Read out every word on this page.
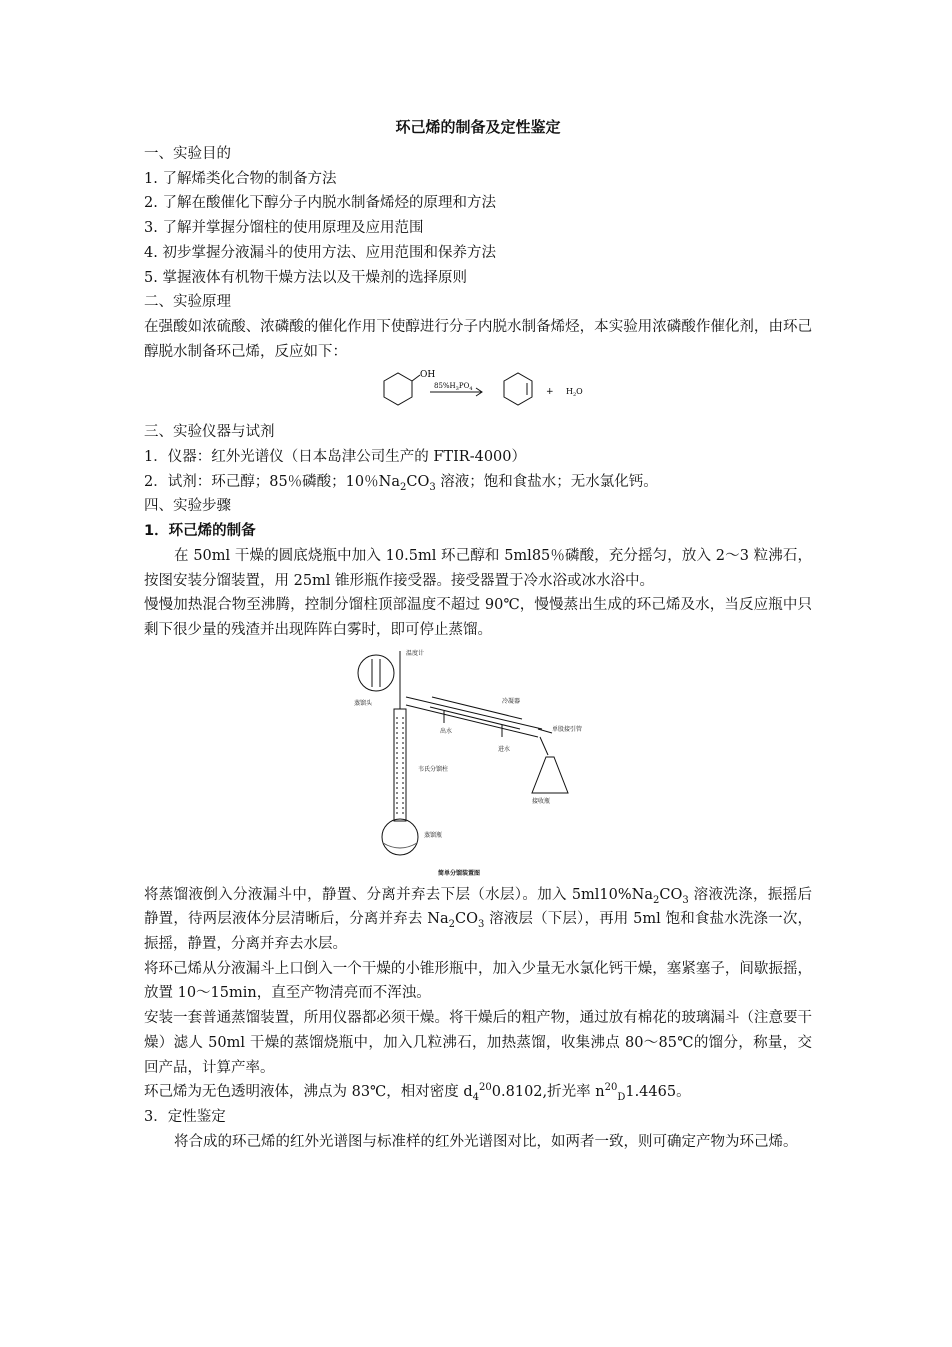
环己烯的制备及定性鉴定

一、实验目的

1. 了解烯类化合物的制备方法

2. 了解在酸催化下醇分子内脱水制备烯烃的原理和方法

3. 了解并掌握分馏柱的使用原理及应用范围

4. 初步掌握分液漏斗的使用方法、应用范围和保养方法

5. 掌握液体有机物干燥方法以及干燥剂的选择原则

二、实验原理

在强酸如浓硫酸、浓磷酸的催化作用下使醇进行分子内脱水制备烯烃，本实验用浓磷酸作催化剂，由环己醇脱水制备环己烯，反应如下：

OH
$85\%H_3PO_4$	+ $H_2O$

三、实验仪器与试剂

1．仪器：红外光谱仪（日本岛津公司生产的 FTIR-4000）

2．试剂：环己醇；85％磷酸；10％$Na_2CO_3$ 溶液；饱和食盐水；无水氯化钙。

四、实验步骤

1．环己烯的制备

在 50ml 干燥的圆底烧瓶中加入 10.5ml 环己醇和 5ml85％磷酸，充分摇匀，放入 2～3 粒沸石，按图安装分馏装置，用 25ml 锥形瓶作接受器。接受器置于冷水浴或冰水浴中。

慢慢加热混合物至沸腾，控制分馏柱顶部温度不超过 90℃，慢慢蒸出生成的环己烯及水，当反应瓶中只剩下很少量的残渣并出现阵阵白雾时，即可停止蒸馏。

温度计
蒸馏头	冷凝器
单股接引管
出水
进水
韦氏分馏柱
接收瓶
蒸馏瓶
简单分馏装置图

将蒸馏液倒入分液漏斗中，静置、分离并弃去下层（水层）。加入 $5ml10\%Na_2CO_3$ 溶液洗涤，振摇后静置，待两层液体分层清晰后，分离并弃去 $Na_2CO_3$ 溶液层（下层），再用 5ml 饱和食盐水洗涤一次，振摇，静置，分离并弃去水层。

将环己烯从分液漏斗上口倒入一个干燥的小锥形瓶中，加入少量无水氯化钙干燥，塞紧塞子，间歇振摇，放置 10～15min，直至产物清亮而不浑浊。

安装一套普通蒸馏装置，所用仪器都必须干燥。将干燥后的粗产物，通过放有棉花的玻璃漏斗（注意要干燥）滤人 50ml 干燥的蒸馏烧瓶中，加入几粒沸石，加热蒸馏，收集沸点 80～85℃的馏分，称量，交回产品，计算产率。

环己烯为无色透明液体，沸点为 83℃，相对密度 $d_4^{20}0.8102$,折光率 $n^{20}_D1.4465$。

3．定性鉴定

将合成的环己烯的红外光谱图与标准样的红外光谱图对比，如两者一致，则可确定产物为环己烯。
